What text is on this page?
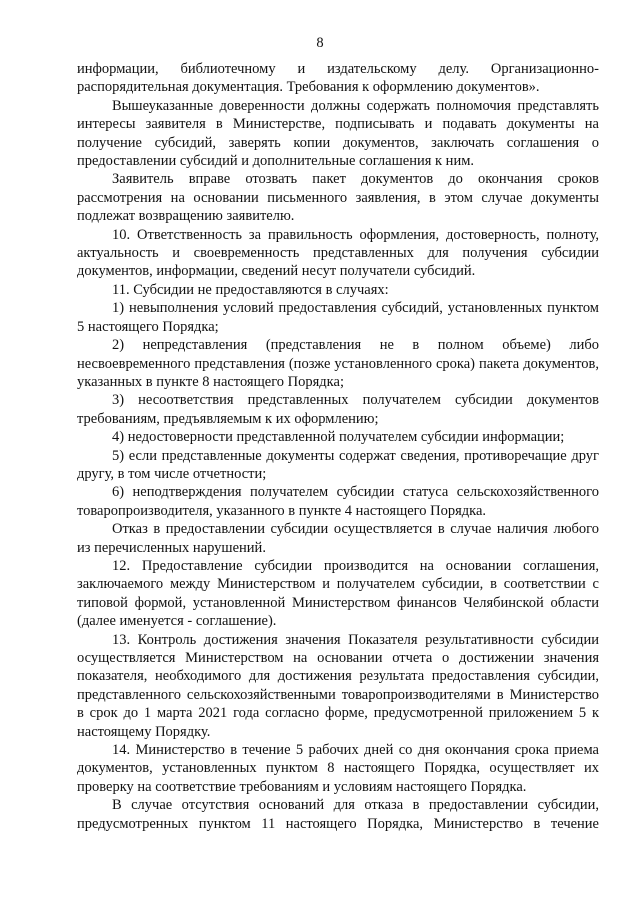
8

информации, библиотечному и издательскому делу. Организационно-распорядительная документация. Требования к оформлению документов».

Вышеуказанные доверенности должны содержать полномочия представлять интересы заявителя в Министерстве, подписывать и подавать документы на получение субсидий, заверять копии документов, заключать соглашения о предоставлении субсидий и дополнительные соглашения к ним.

Заявитель вправе отозвать пакет документов до окончания сроков рассмотрения на основании письменного заявления, в этом случае документы подлежат возвращению заявителю.

10. Ответственность за правильность оформления, достоверность, полноту, актуальность и своевременность представленных для получения субсидии документов, информации, сведений несут получатели субсидий.

11. Субсидии не предоставляются в случаях:

1) невыполнения условий предоставления субсидий, установленных пунктом 5 настоящего Порядка;

2) непредставления (представления не в полном объеме) либо несвоевременного представления (позже установленного срока) пакета документов, указанных в пункте 8 настоящего Порядка;

3) несоответствия представленных получателем субсидии документов требованиям, предъявляемым к их оформлению;

4) недостоверности представленной получателем субсидии информации;

5) если представленные документы содержат сведения, противоречащие друг другу, в том числе отчетности;

6) неподтверждения получателем субсидии статуса сельскохозяйственного товаропроизводителя, указанного в пункте 4 настоящего Порядка.

Отказ в предоставлении субсидии осуществляется в случае наличия любого из перечисленных нарушений.

12. Предоставление субсидии производится на основании соглашения, заключаемого между Министерством и получателем субсидии, в соответствии с типовой формой, установленной Министерством финансов Челябинской области (далее именуется - соглашение).

13. Контроль достижения значения Показателя результативности субсидии осуществляется Министерством на основании отчета о достижении значения показателя, необходимого для достижения результата предоставления субсидии, представленного сельскохозяйственными товаропроизводителями в Министерство в срок до 1 марта 2021 года согласно форме, предусмотренной приложением 5 к настоящему Порядку.

14. Министерство в течение 5 рабочих дней со дня окончания срока приема документов, установленных пунктом 8 настоящего Порядка, осуществляет их проверку на соответствие требованиям и условиям настоящего Порядка.

В случае отсутствия оснований для отказа в предоставлении субсидии, предусмотренных пунктом 11 настоящего Порядка, Министерство в течение
